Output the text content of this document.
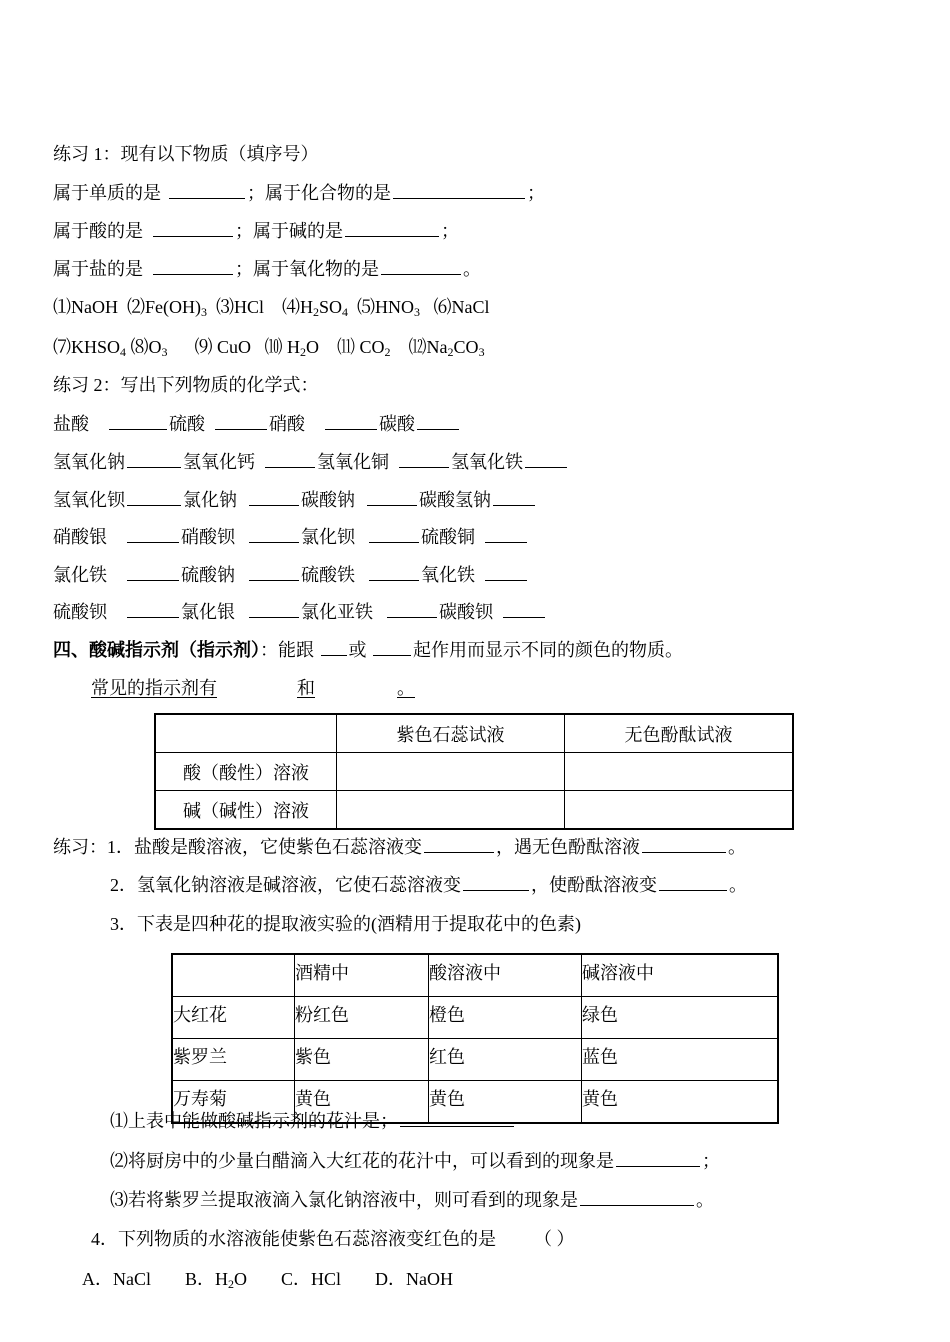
练习 1：现有以下物质（填序号）
属于单质的是	；属于化合物的是	；
属于酸的是	；属于碱的是	；
属于盐的是	；属于氧化物的是	。
⑴NaOH $⑵Fe(OH)_3$ ⑶HCl $⑷H_2SO_4$ $⑸HNO_3$ ⑹NaCl
$⑺KHSO_4$ $⑻O_3$ ⑼ CuO ⑽ $H_2O$ ⑾ $CO_2$ $⑿Na_2CO_3$
练习 2：写出下列物质的化学式：
盐酸	硫酸	硝酸	碳酸
氢氧化钠	氢氧化钙	氢氧化铜	氢氧化铁
氢氧化钡	氯化钠	碳酸钠	碳酸氢钠
硝酸银	硝酸钡	氯化钡	硫酸铜
氯化铁	硫酸钠	硫酸铁	氧化铁
硫酸钡	氯化银	氯化亚铁	碳酸钡
四、酸碱指示剂（指示剂）：能跟 或 起作用而显示不同的颜色的物质。
常见的指示剂有	和	。
	紫色石蕊试液	无色酚酞试液
酸（酸性）溶液		
碱（碱性）溶液		
练习：1．盐酸是酸溶液，它使紫色石蕊溶液变	，遇无色酚酞溶液	。
2．氢氧化钠溶液是碱溶液，它使石蕊溶液变	，使酚酞溶液变	。
3．下表是四种花的提取液实验的(酒精用于提取花中的色素)
	酒精中	酸溶液中	碱溶液中
大红花	粉红色	橙色	绿色
紫罗兰	紫色	红色	蓝色
万寿菊	黄色	黄色	黄色
⑴上表中能做酸碱指示剂的花汁是；
⑵将厨房中的少量白醋滴入大红花的花汁中，可以看到的现象是	；
⑶若将紫罗兰提取液滴入氯化钠溶液中，则可看到的现象是	。
4．下列物质的水溶液能使紫色石蕊溶液变红色的是 （ ）
A．NaCl B．$H_2O$ C．HCl D．NaOH
